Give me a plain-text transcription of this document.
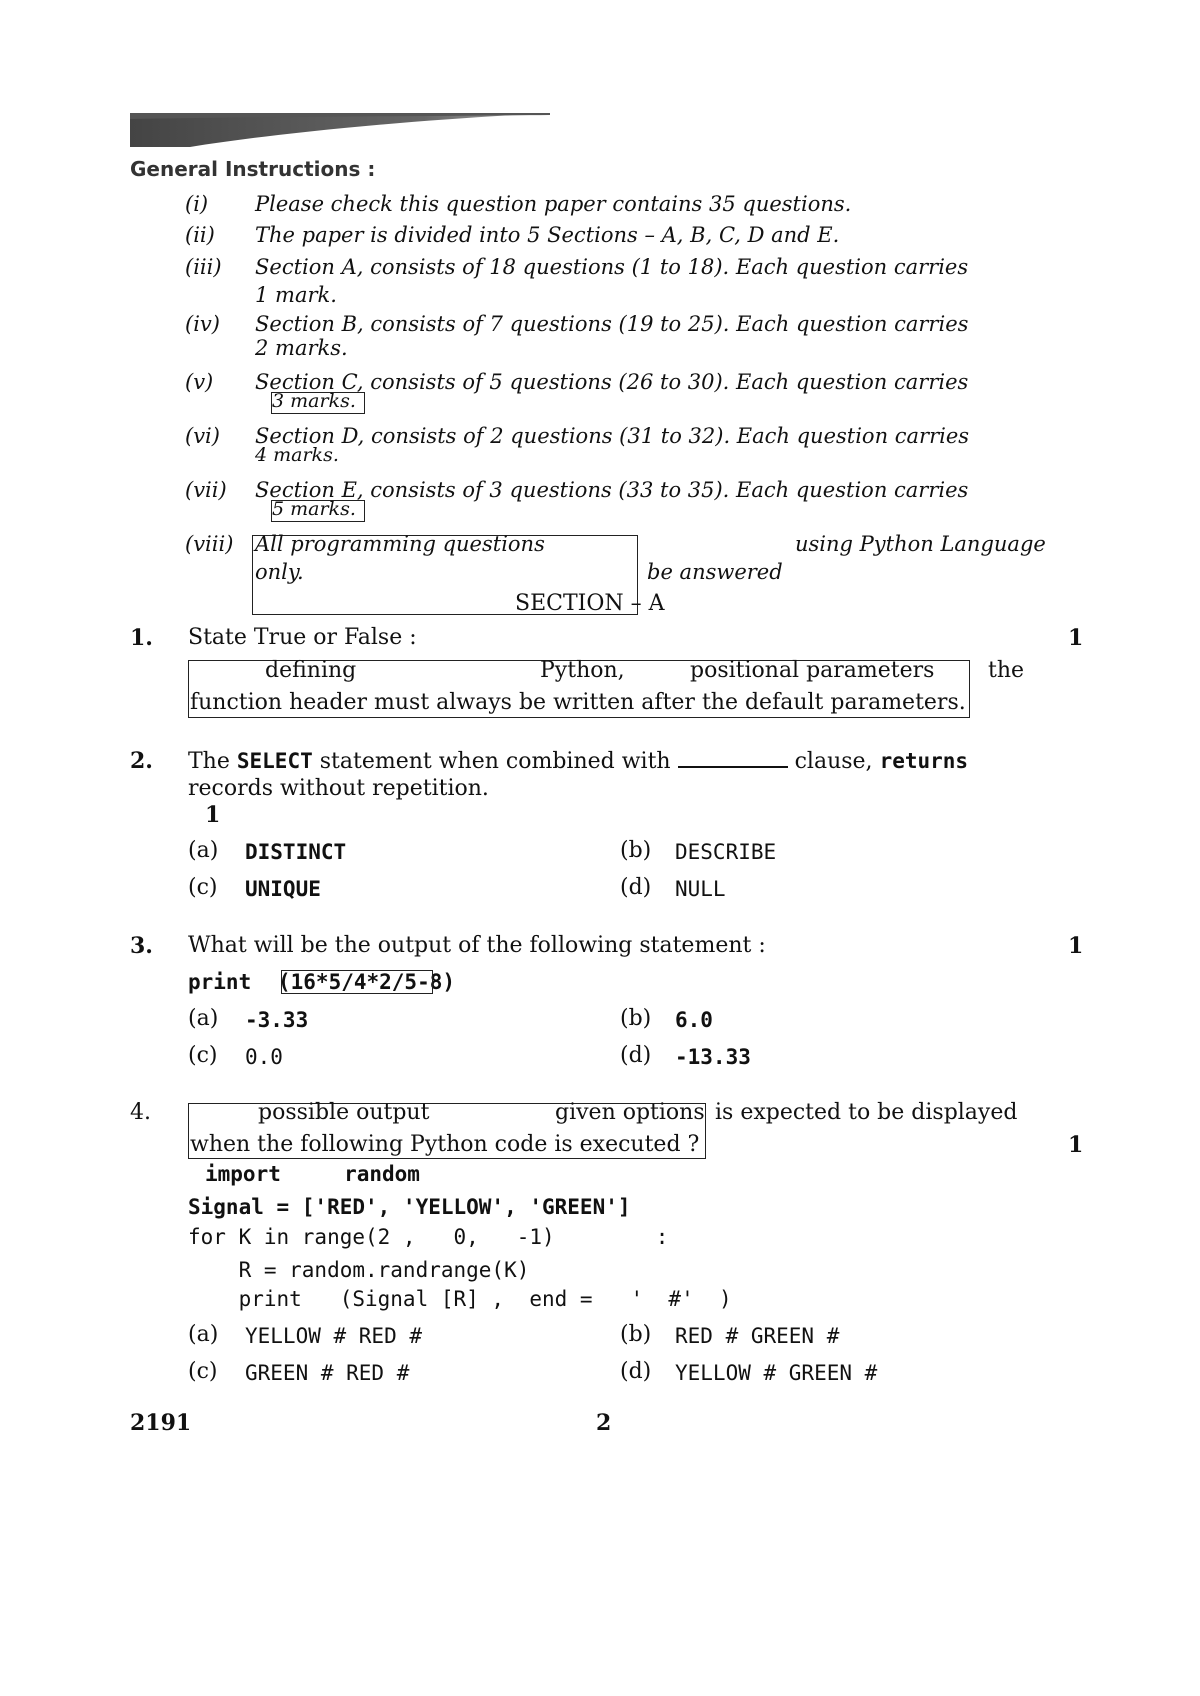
General Instructions :
(i) Please check this question paper contains 35 questions.
(ii) The paper is divided into 5 Sections – A, B, C, D and E.
(iii) Section A, consists of 18 questions (1 to 18). Each question carries
1 mark.
(iv) Section B, consists of 7 questions (19 to 25). Each question carries
2 marks.
(v) Section C, consists of 5 questions (26 to 30). Each question carries
3 marks.
(vi) Section D, consists of 2 questions (31 to 32). Each question carries
4 marks.
(vii) Section E, consists of 3 questions (33 to 35). Each question carries
5 marks.
(viii) All programming questions	using Python Language
only.	be answered
SECTION – A
1. State True or False :	1
defining	Python,	positional parameters the
function header must always be written after the default parameters.
2. The SELECT statement when combined with	clause, returns
records without repetition.
1
(a) DISTINCT	(b) DESCRIBE
(c) UNIQUE	(d) NULL
3. What will be the output of the following statement :	1
print (16*5/4*2/5-8)
(a) -3.33	(b) 6.0
(c) 0.0	(d) -13.33
4.	possible output	given options is expected to be displayed
when the following Python code is executed ?	1
import     random
Signal = ['RED', 'YELLOW', 'GREEN']
for K in range(2 ,   0,   -1)        :
R = random.randrange(K)
print   (Signal [R] ,  end =   '  #'  )
(a) YELLOW # RED #	(b) RED # GREEN #
(c) GREEN # RED #	(d) YELLOW # GREEN #
2191	2
